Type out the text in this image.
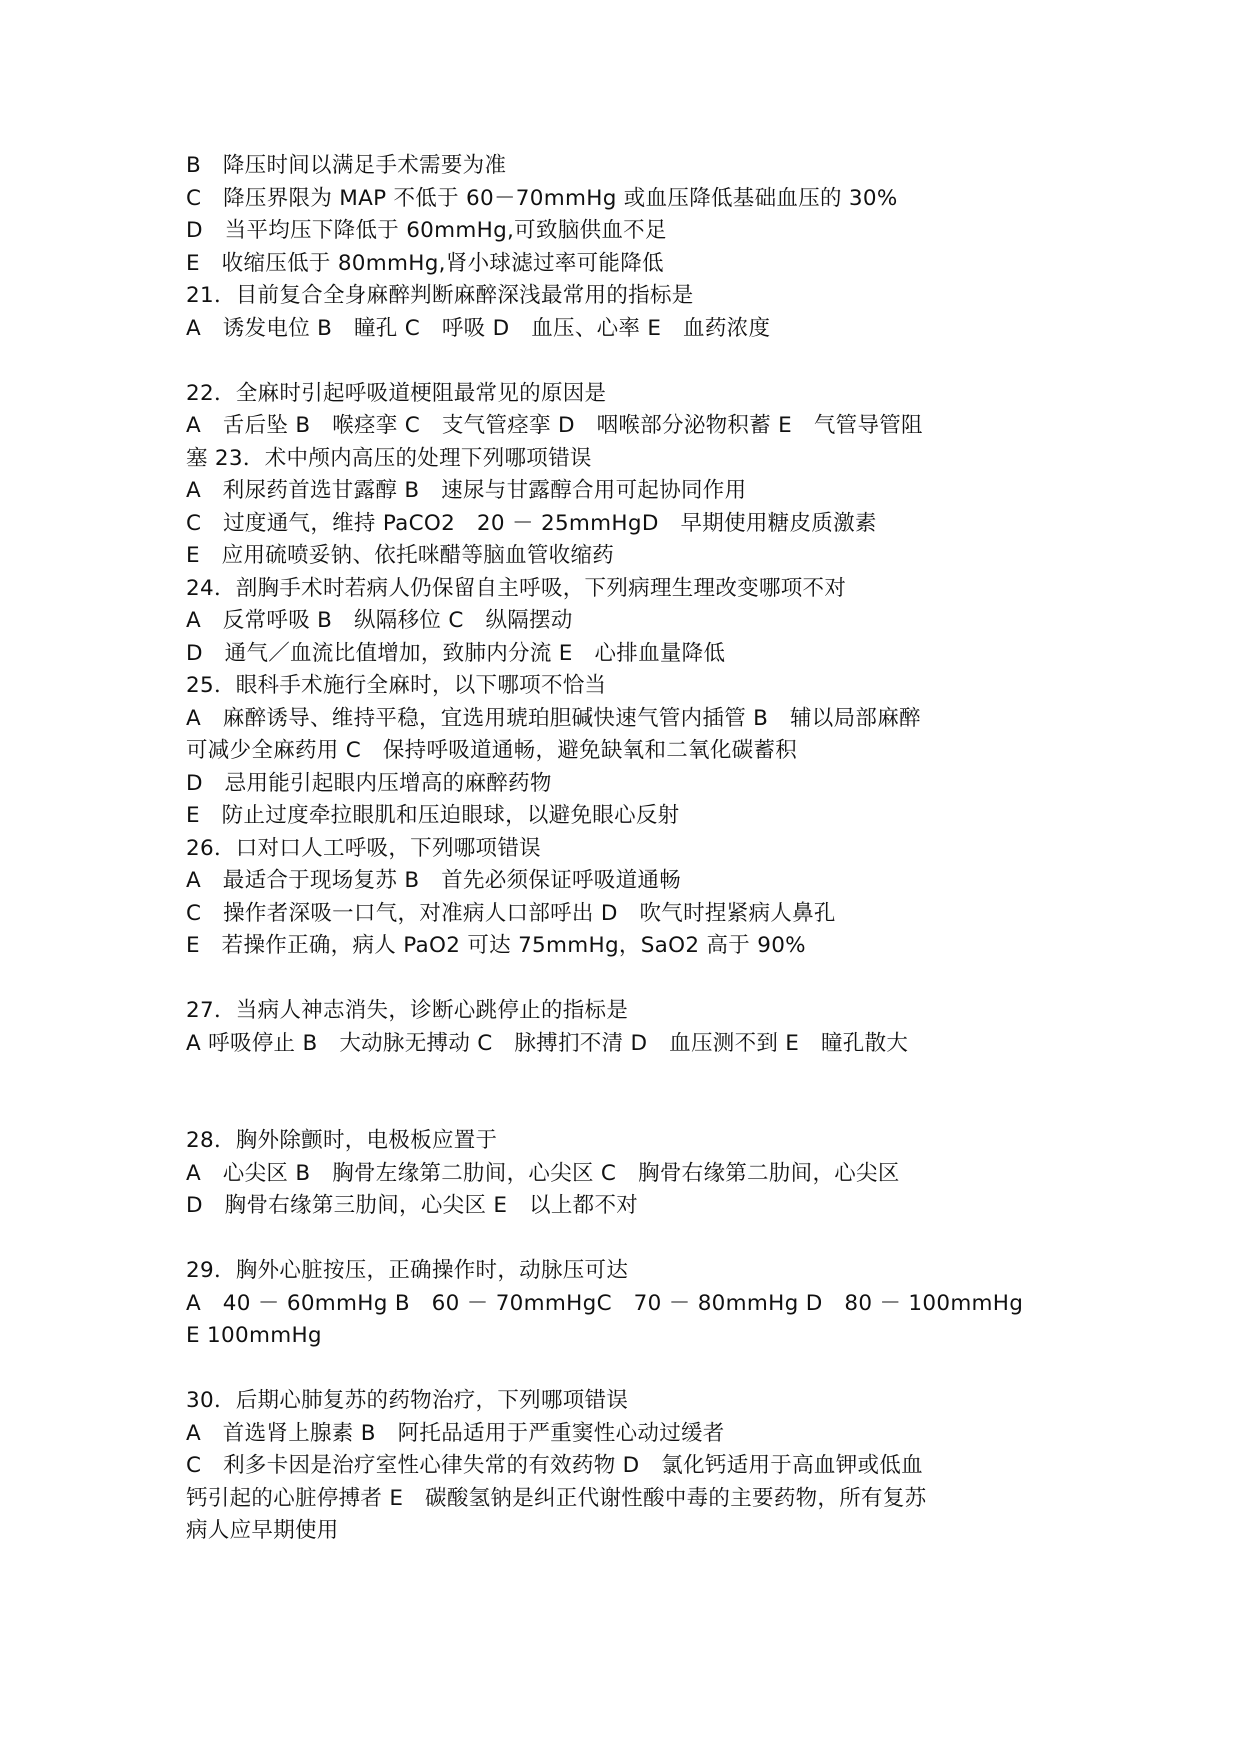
B　降压时间以满足手术需要为准
C　降压界限为 MAP 不低于 60－70mmHg 或血压降低基础血压的 30%
D　当平均压下降低于 60mmHg,可致脑供血不足
E　收缩压低于 80mmHg,肾小球滤过率可能降低
21．目前复合全身麻醉判断麻醉深浅最常用的指标是
A　诱发电位 B　瞳孔 C　呼吸 D　血压、心率 E　血药浓度
22．全麻时引起呼吸道梗阻最常见的原因是
A　舌后坠 B　喉痉挛 C　支气管痉挛 D　咽喉部分泌物积蓄 E　气管导管阻
塞 23．术中颅内高压的处理下列哪项错误
A　利尿药首选甘露醇 B　速尿与甘露醇合用可起协同作用
C　过度通气，维持 PaCO2　20 － 25mmHgD　早期使用糖皮质激素
E　应用硫喷妥钠、依托咪醋等脑血管收缩药
24．剖胸手术时若病人仍保留自主呼吸，下列病理生理改变哪项不对
A　反常呼吸 B　纵隔移位 C　纵隔摆动
D　通气／血流比值增加，致肺内分流 E　心排血量降低
25．眼科手术施行全麻时，以下哪项不恰当
A　麻醉诱导、维持平稳，宜选用琥珀胆碱快速气管内插管 B　辅以局部麻醉
可减少全麻药用 C　保持呼吸道通畅，避免缺氧和二氧化碳蓄积
D　忌用能引起眼内压增高的麻醉药物
E　防止过度牵拉眼肌和压迫眼球，以避免眼心反射
26．口对口人工呼吸，下列哪项错误
A　最适合于现场复苏 B　首先必须保证呼吸道通畅
C　操作者深吸一口气，对准病人口部呼出 D　吹气时捏紧病人鼻孔
E　若操作正确，病人 PaO2 可达 75mmHg，SaO2 高于 90%
27．当病人神志消失，诊断心跳停止的指标是
A 呼吸停止 B　大动脉无搏动 C　脉搏扪不清 D　血压测不到 E　瞳孔散大
28．胸外除颤时，电极板应置于
A　心尖区 B　胸骨左缘第二肋间，心尖区 C　胸骨右缘第二肋间，心尖区
D　胸骨右缘第三肋间，心尖区 E　以上都不对
29．胸外心脏按压，正确操作时，动脉压可达
A　40 － 60mmHg B　60 － 70mmHgC　70 － 80mmHg D　80 － 100mmHg
E 100mmHg
30．后期心肺复苏的药物治疗，下列哪项错误
A　首选肾上腺素 B　阿托品适用于严重窦性心动过缓者
C　利多卡因是治疗室性心律失常的有效药物 D　氯化钙适用于高血钾或低血
钙引起的心脏停搏者 E　碳酸氢钠是纠正代谢性酸中毒的主要药物，所有复苏
病人应早期使用
